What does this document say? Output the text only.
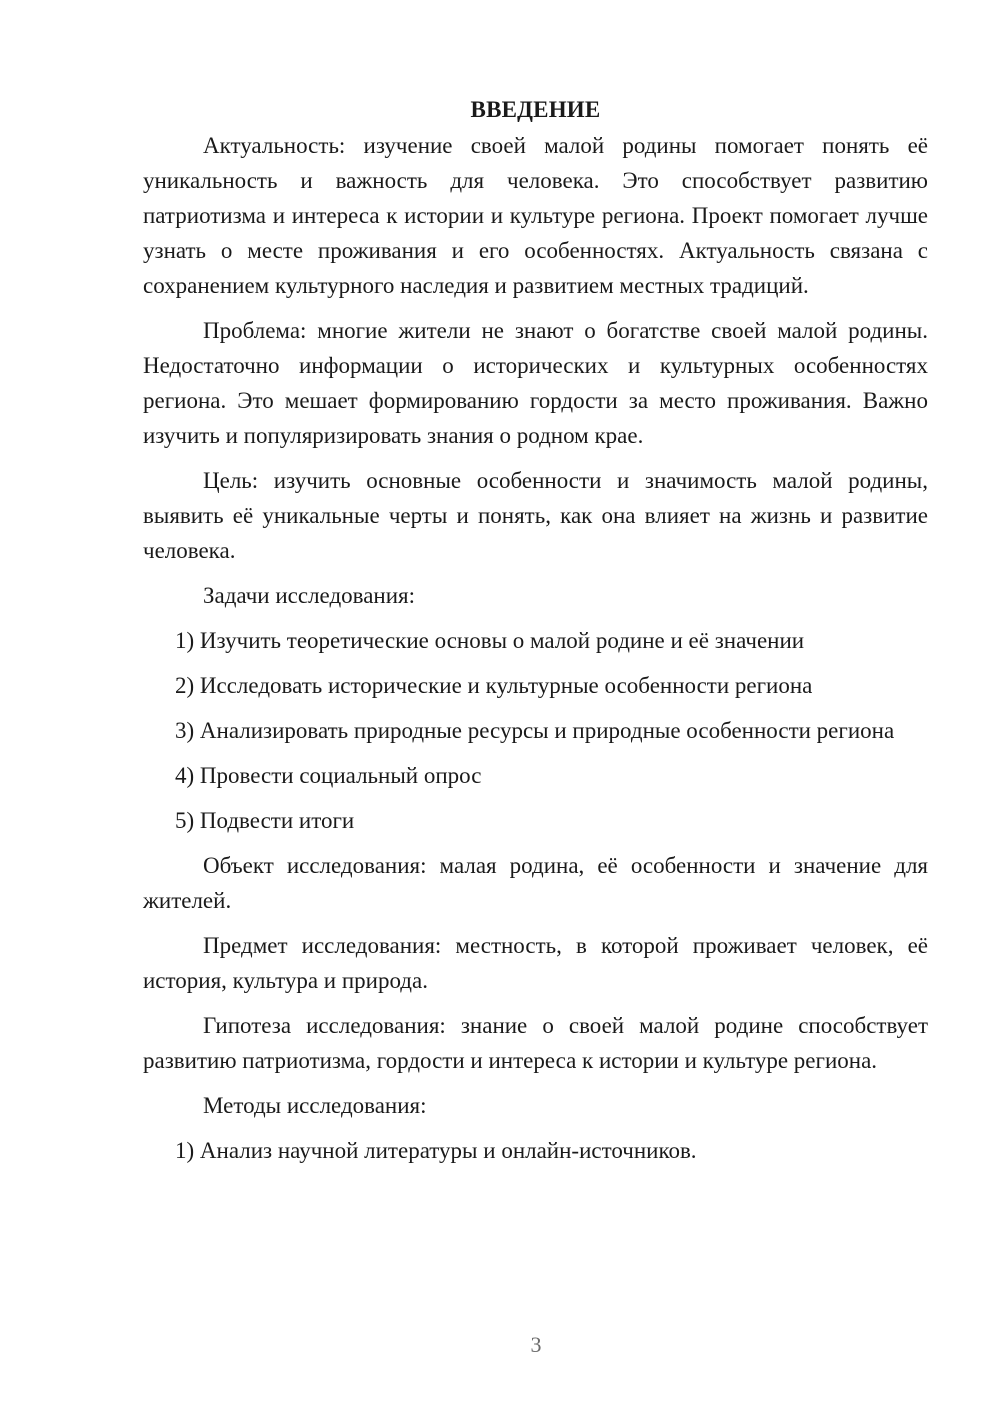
ВВЕДЕНИЕ

Актуальность: изучение своей малой родины помогает понять её уникальность и важность для человека. Это способствует развитию патриотизма и интереса к истории и культуре региона. Проект помогает лучше узнать о месте проживания и его особенностях. Актуальность связана с сохранением культурного наследия и развитием местных традиций.

Проблема: многие жители не знают о богатстве своей малой родины. Недостаточно информации о исторических и культурных особенностях региона. Это мешает формированию гордости за место проживания. Важно изучить и популяризировать знания о родном крае.

Цель: изучить основные особенности и значимость малой родины, выявить её уникальные черты и понять, как она влияет на жизнь и развитие человека.

Задачи исследования:

1) Изучить теоретические основы о малой родине и её значении

2) Исследовать исторические и культурные особенности региона

3) Анализировать природные ресурсы и природные особенности региона

4) Провести социальный опрос

5) Подвести итоги

Объект исследования: малая родина, её особенности и значение для жителей.

Предмет исследования: местность, в которой проживает человек, её история, культура и природа.

Гипотеза исследования: знание о своей малой родине способствует развитию патриотизма, гордости и интереса к истории и культуре региона.

Методы исследования:

1) Анализ научной литературы и онлайн-источников.

3
